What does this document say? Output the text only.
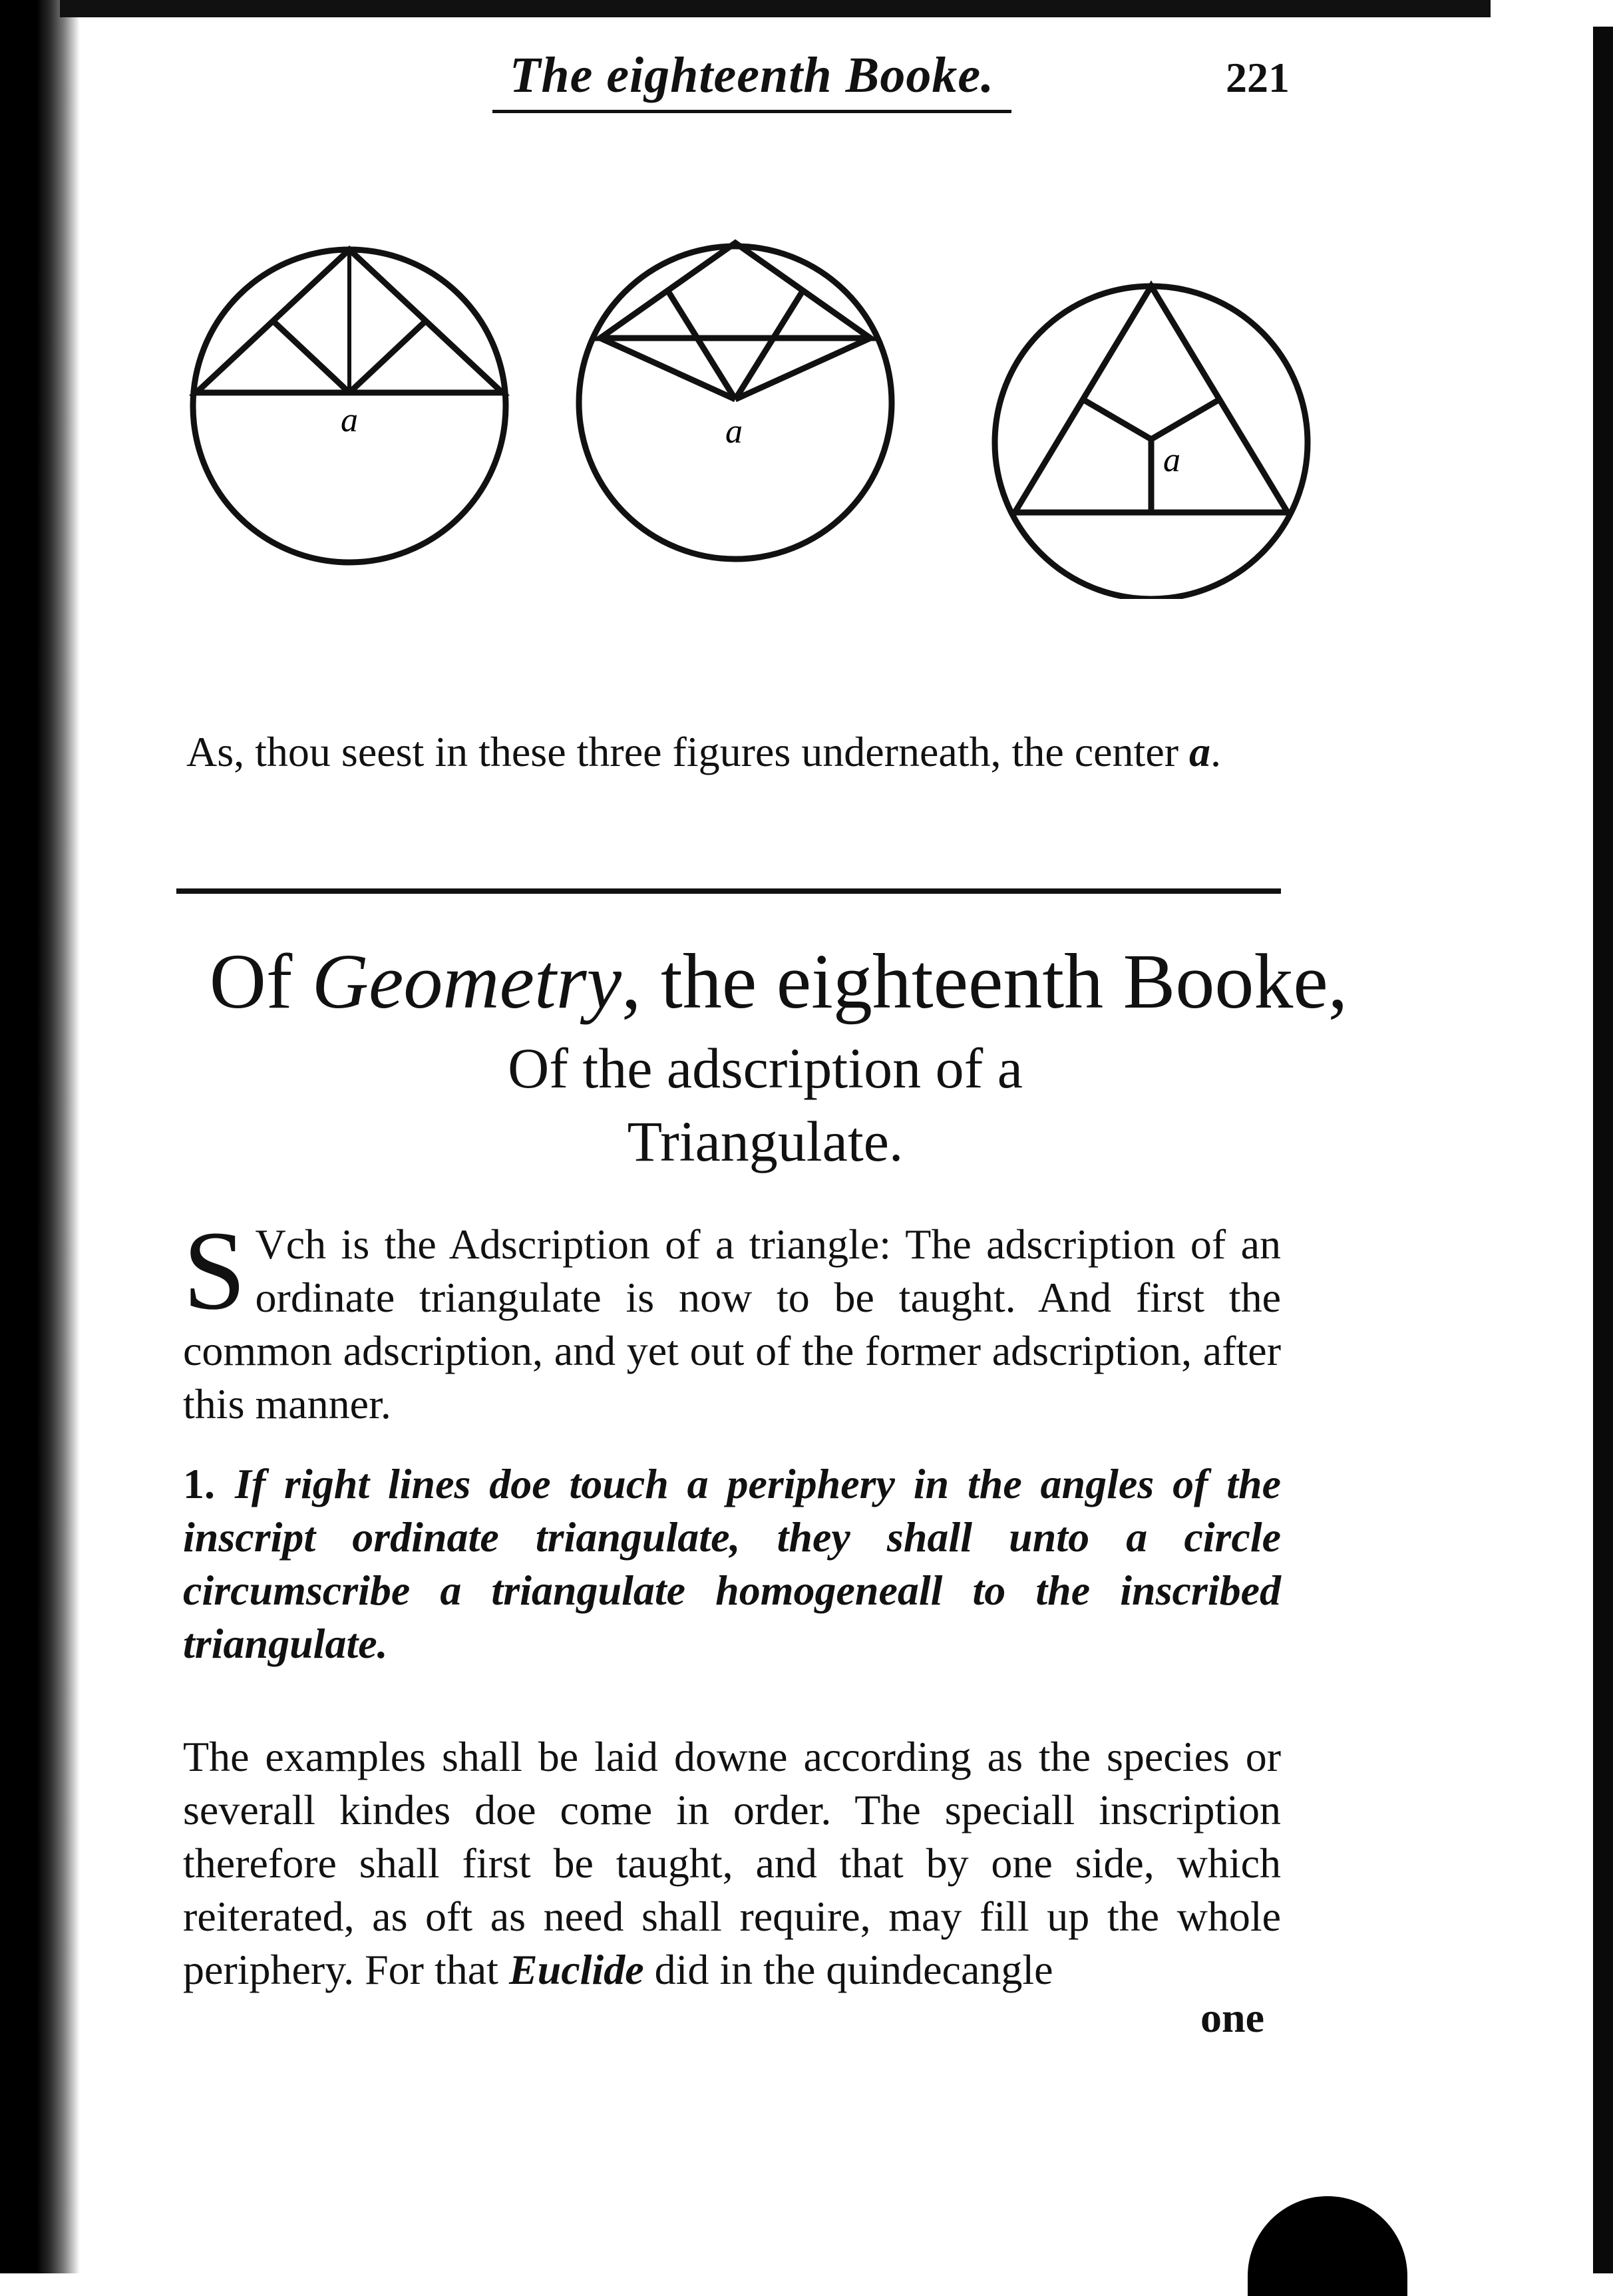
The eighteenth Booke.	221
a	a
a
As, thou seest in these three figures underneath, the center a.
Of Geometry, the eighteenth Booke,
Of the adscription of a
Triangulate.
S Vch is the Adscription of a triangle: The adscription of an ordinate triangulate is now to be taught. And first the common adscription, and yet out of the former adscription, after this manner.
1. If right lines doe touch a periphery in the angles of the inscript ordinate triangulate, they shall unto a circle circumscribe a triangulate homogeneall to the inscribed triangulate.
The examples shall be laid downe according as the species or severall kindes doe come in order. The speciall inscription therefore shall first be taught, and that by one side, which reiterated, as oft as need shall require, may fill up the whole periphery. For that Euclide did in the quindecangle
one
